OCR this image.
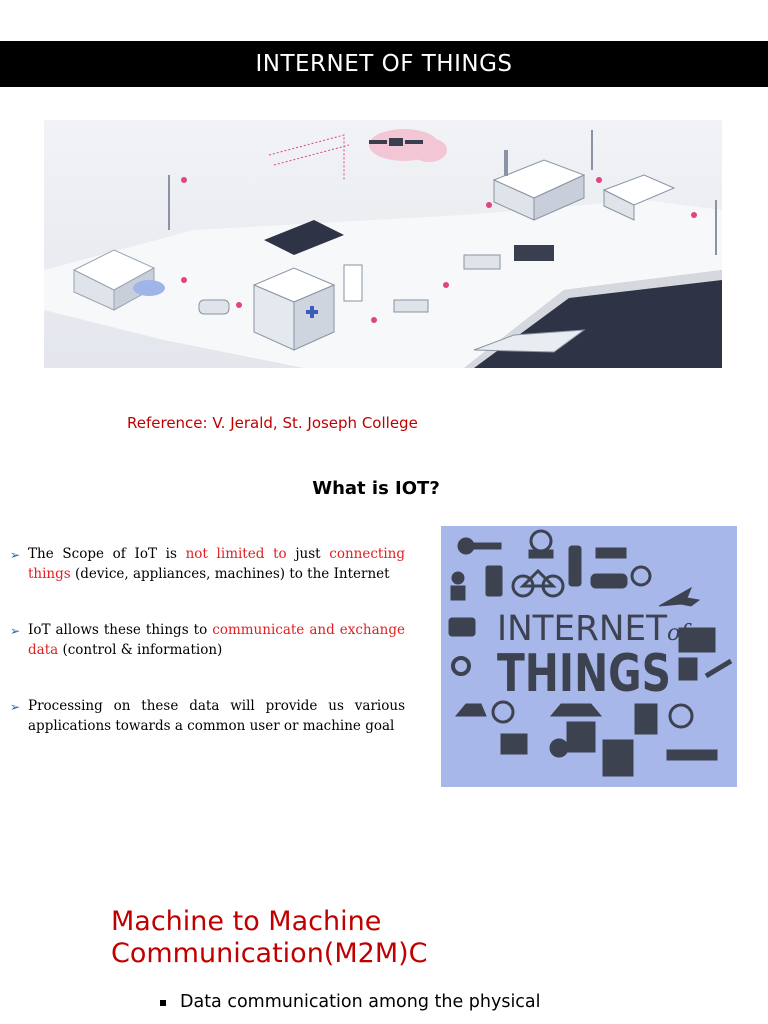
INTERNET OF THINGS
Reference: V. Jerald, St. Joseph College
What is IOT?
➢ The Scope of IoT is not limited to just connecting things (device, appliances, machines) to the Internet
➢ IoT allows these things to communicate and exchange data (control & information)
➢ Processing on these data will provide us various applications towards a common user or machine goal
INTERNET of
THINGS
Machine to Machine
Communication(M2M)C
Data communication among the physical
